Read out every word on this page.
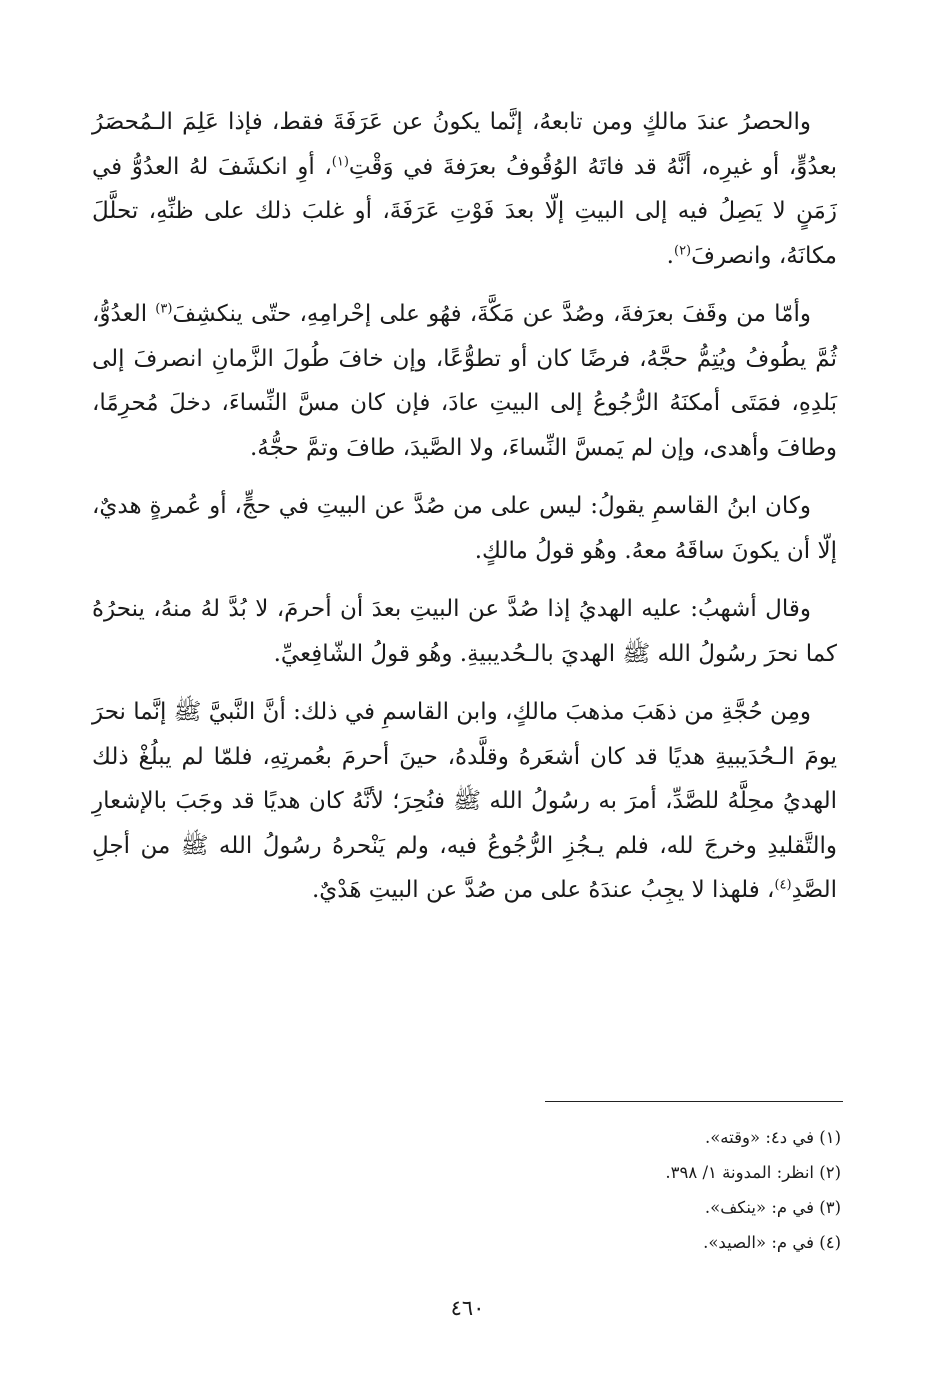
والحصرُ عندَ مالكٍ ومن تابعهُ، إنَّما يكونُ عن عَرَفَةَ فقط، فإذا عَلِمَ الـمُحصَرُ بعدُوٍّ، أو غيرِه، أنَّهُ قد فاتَهُ الوُقُوفُ بعرَفةَ في وَقْتِ$^{(١)}$، أوِ انكشَفَ لهُ العدُوُّ في زَمَنٍ لا يَصِلُ فيه إلى البيتِ إلّا بعدَ فَوْتِ عَرَفَةَ، أو غلبَ ذلك على ظنِّهِ، تحلَّلَ مكانَهُ، وانصرفَ$^{(٢)}$.

وأمّا من وقَفَ بعرَفةَ، وصُدَّ عن مَكَّةَ، فهُو على إحْرامِهِ، حتّى ينكشِفَ$^{(٣)}$ العدُوُّ، ثُمَّ يطُوفُ ويُتِمُّ حجَّهُ، فرضًا كان أو تطوُّعًا، وإن خافَ طُولَ الزَّمانِ انصرفَ إلى بَلدِهِ، فمَتَى أمكنَهُ الرُّجُوعُ إلى البيتِ عادَ، فإن كان مسَّ النِّساءَ، دخلَ مُحرِمًا، وطافَ وأهدى، وإن لم يَمسَّ النِّساءَ، ولا الصَّيدَ، طافَ وتمَّ حجُّهُ.

وكان ابنُ القاسمِ يقولُ: ليس على من صُدَّ عن البيتِ في حجٍّ، أو عُمرةٍ هديٌ، إلّا أن يكونَ ساقَهُ معهُ. وهُو قولُ مالكٍ.

وقال أشهبُ: عليه الهديُ إذا صُدَّ عن البيتِ بعدَ أن أحرمَ، لا بُدَّ لهُ منهُ، ينحرُهُ كما نحرَ رسُولُ الله ﷺ الهديَ بالـحُديبيةِ. وهُو قولُ الشّافِعيِّ.

ومِن حُجَّةِ من ذهَبَ مذهبَ مالكٍ، وابن القاسمِ في ذلك: أنَّ النَّبيَّ ﷺ إنَّما نحرَ يومَ الـحُدَيبيةِ هديًا قد كان أشعَرهُ وقلَّدهُ، حينَ أحرمَ بعُمرتِهِ، فلمّا لم يبلُغْ ذلك الهديُ محِلَّهُ للصَّدِّ، أمرَ به رسُولُ الله ﷺ فنُحِرَ؛ لأنَّهُ كان هديًا قد وجَبَ بالإشعارِ والتَّقليدِ وخرجَ لله، فلم يـجُزِ الرُّجُوعُ فيه، ولم يَنْحرهُ رسُولُ الله ﷺ من أجلِ الصَّدِ$^{(٤)}$، فلهذا لا يجِبُ عندَهُ على من صُدَّ عن البيتِ هَدْيٌ.

(١) في د٤: «وقته».

(٢) انظر: المدونة ١/ ٣٩٨.

(٣) في م: «ينكف».

(٤) في م: «الصيد».

٤٦٠
